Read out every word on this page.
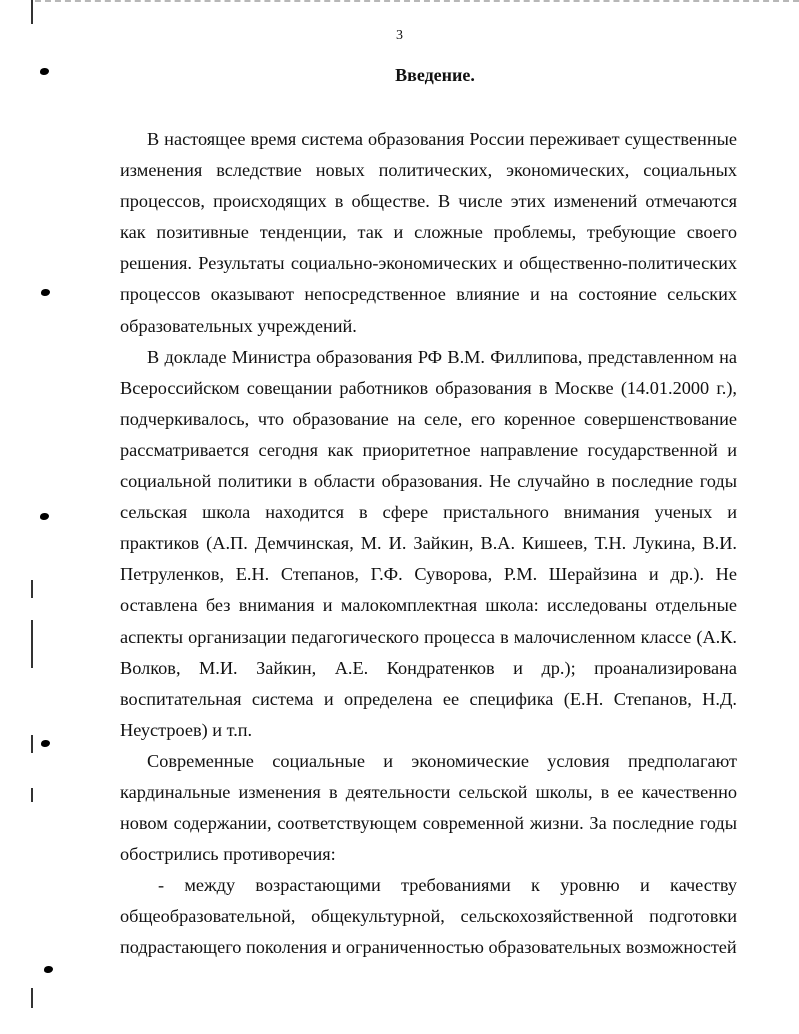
3
Введение.

В настоящее время система образования России переживает существенные изменения вследствие новых политических, экономических, социальных процессов, происходящих в обществе. В числе этих изменений отмечаются как позитивные тенденции, так и сложные проблемы, требующие своего решения. Результаты социально-экономических и общественно-политических процессов оказывают непосредственное влияние и на состояние сельских образовательных учреждений.

В докладе Министра образования РФ В.М. Филлипова, представленном на Всероссийском совещании работников образования в Москве (14.01.2000 г.), подчеркивалось, что образование на селе, его коренное совершенствование рассматривается сегодня как приоритетное направление государственной и социальной политики в области образования. Не случайно в последние годы сельская школа находится в сфере пристального внимания ученых и практиков (А.П. Демчинская, М. И. Зайкин, В.А. Кишеев, Т.Н. Лукина, В.И. Петруленков, Е.Н. Степанов, Г.Ф. Суворова, Р.М. Шерайзина и др.). Не оставлена без внимания и малокомплектная школа: исследованы отдельные аспекты организации педагогического процесса в малочисленном классе (А.К. Волков, М.И. Зайкин, А.Е. Кондратенков и др.); проанализирована воспитательная система и определена ее специфика (Е.Н. Степанов, Н.Д. Неустроев) и т.п.

Современные социальные и экономические условия предполагают кардинальные изменения в деятельности сельской школы, в ее качественно новом содержании, соответствующем современной жизни. За последние годы обострились противоречия:

- между возрастающими требованиями к уровню и качеству общеобразовательной, общекультурной, сельскохозяйственной подготовки подрастающего поколения и ограниченностью образовательных возможностей
